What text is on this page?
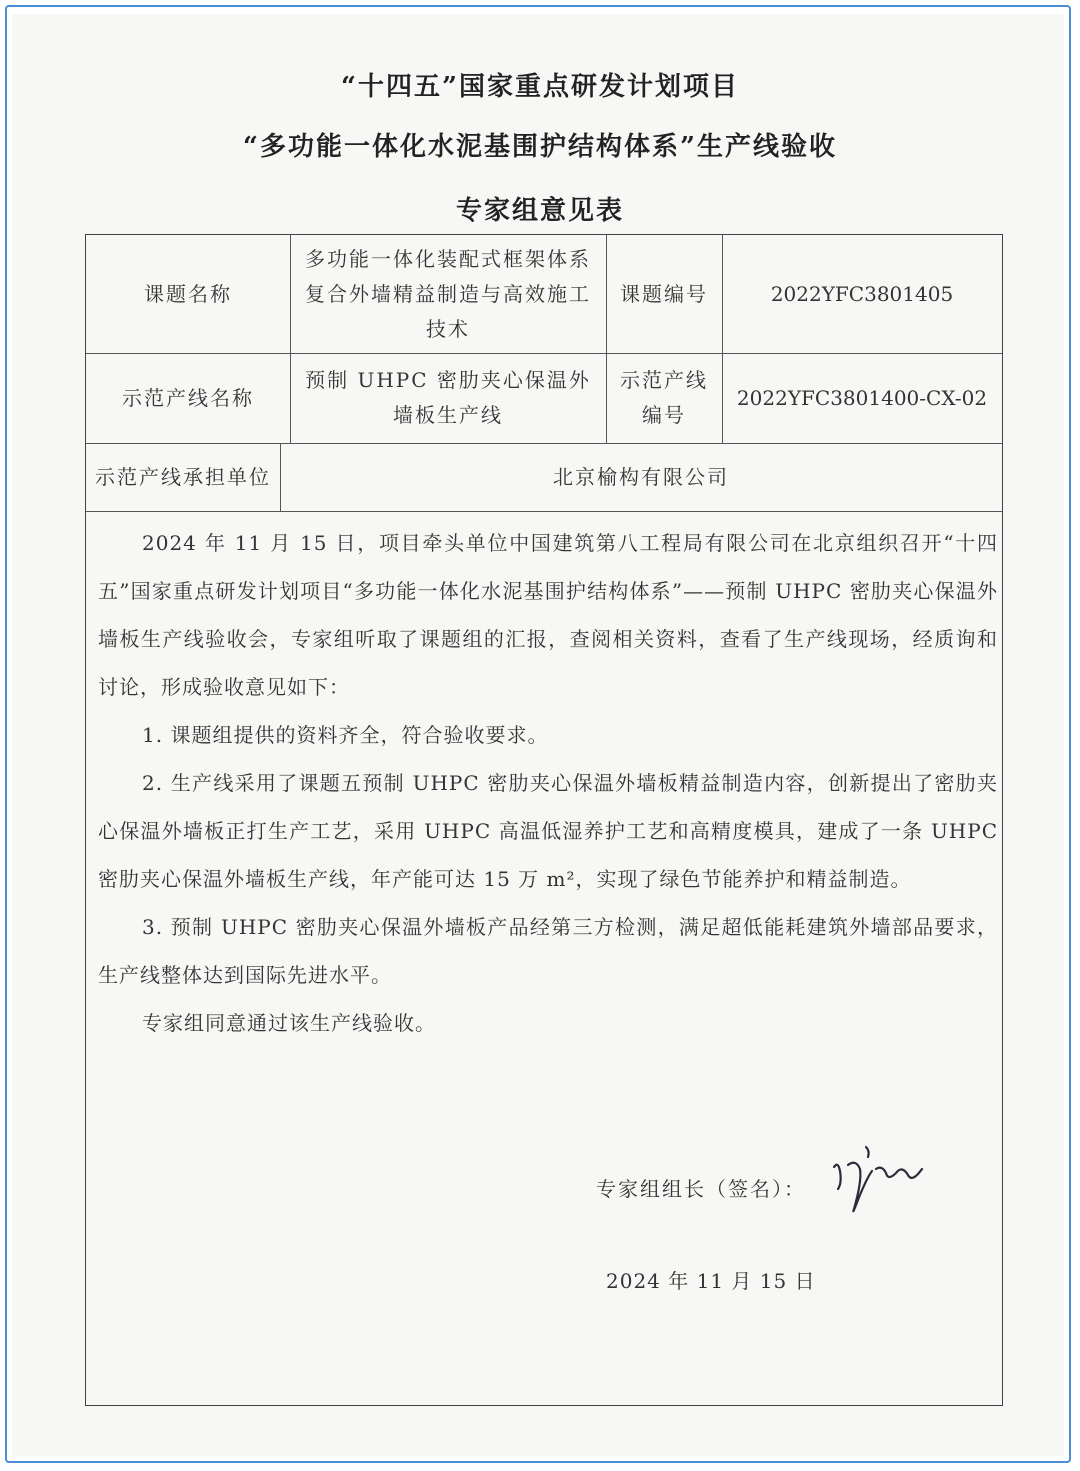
“十四五”国家重点研发计划项目
“多功能一体化水泥基围护结构体系”生产线验收
专家组意见表
课题名称
多功能一体化装配式框架体系复合外墙精益制造与高效施工技术
课题编号	2022YFC3801405
示范产线名称
预制 UHPC 密肋夹心保温外墙板生产线
示范产线编号
2022YFC3801400-CX-02
示范产线承担单位	北京榆构有限公司

2024 年 11 月 15 日，项目牵头单位中国建筑第八工程局有限公司在北京组织召开“十四五”国家重点研发计划项目“多功能一体化水泥基围护结构体系”——预制 UHPC 密肋夹心保温外墙板生产线验收会，专家组听取了课题组的汇报，查阅相关资料，查看了生产线现场，经质询和讨论，形成验收意见如下：

1. 课题组提供的资料齐全，符合验收要求。

2. 生产线采用了课题五预制 UHPC 密肋夹心保温外墙板精益制造内容，创新提出了密肋夹心保温外墙板正打生产工艺，采用 UHPC 高温低湿养护工艺和高精度模具，建成了一条 UHPC 密肋夹心保温外墙板生产线，年产能可达 15 万 m²，实现了绿色节能养护和精益制造。

3. 预制 UHPC 密肋夹心保温外墙板产品经第三方检测，满足超低能耗建筑外墙部品要求，生产线整体达到国际先进水平。

专家组同意通过该生产线验收。

专家组组长（签名）：
2024 年 11 月 15 日
